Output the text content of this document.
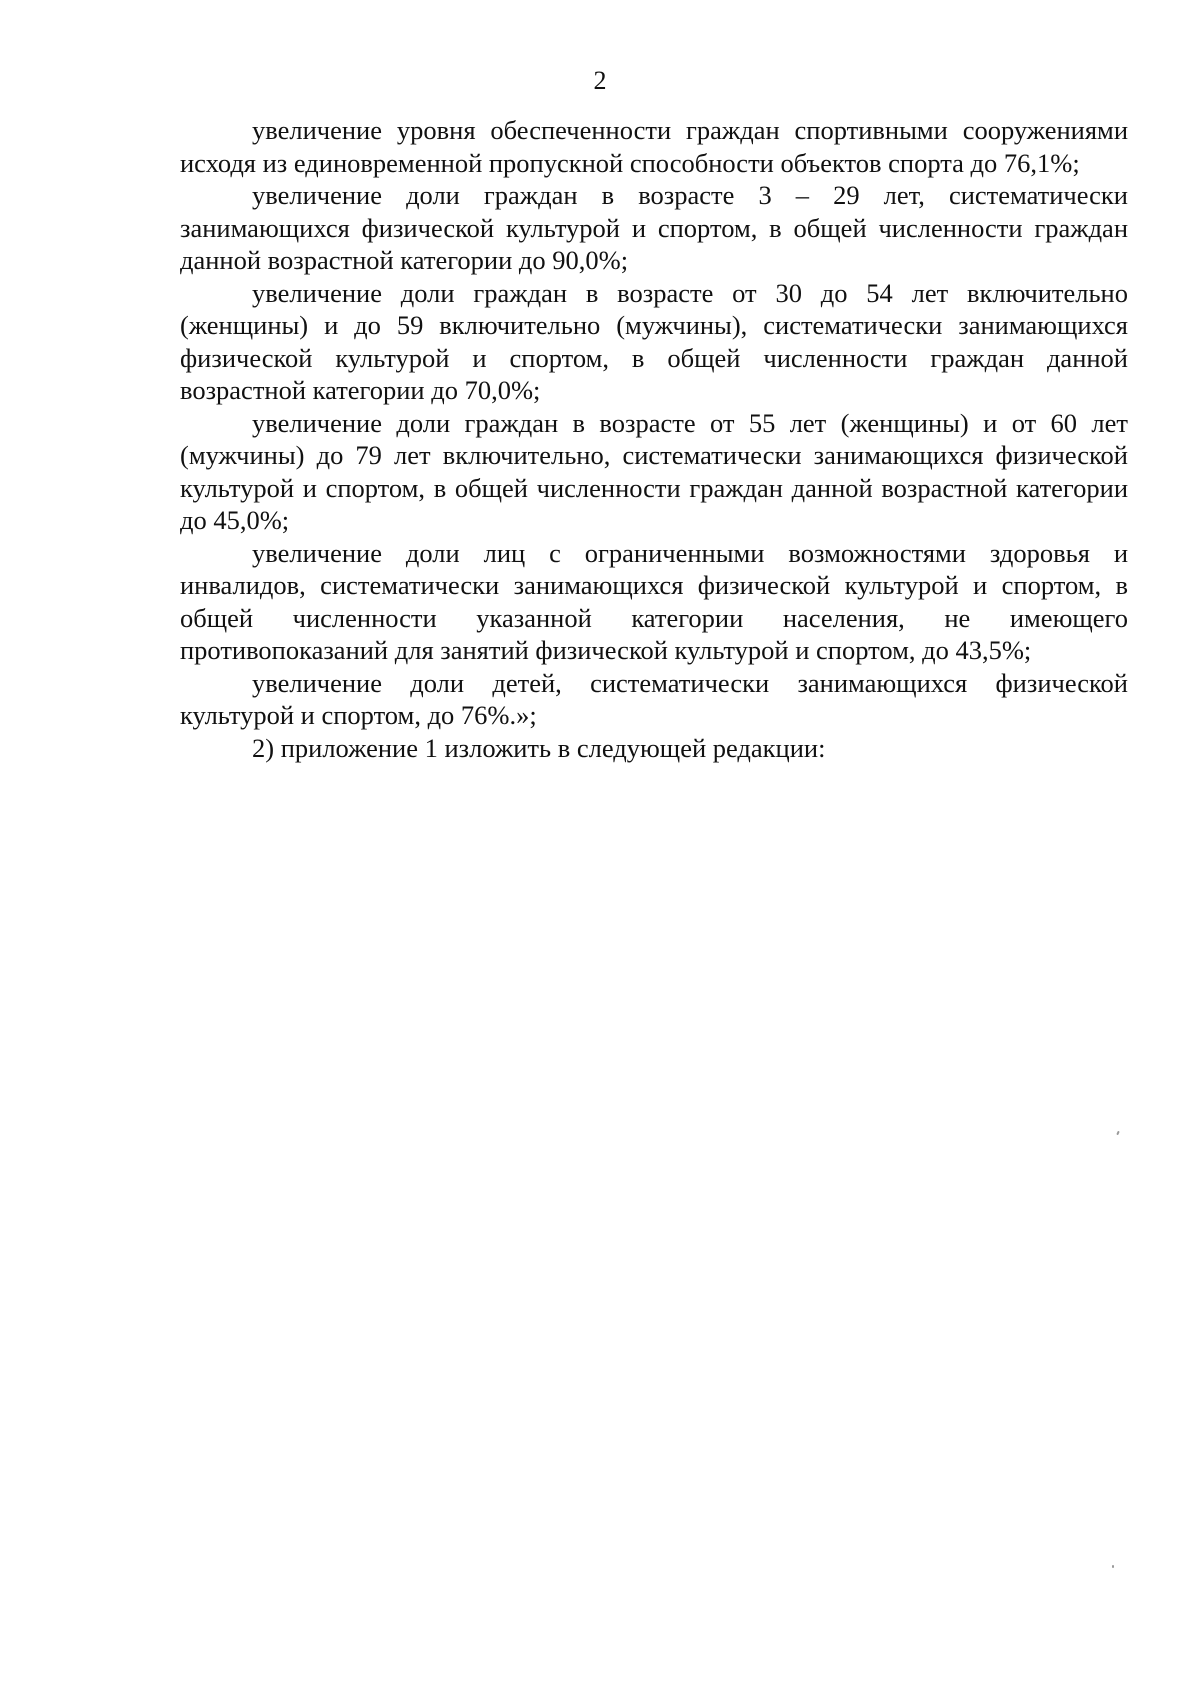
2

увеличение уровня обеспеченности граждан спортивными сооружениями исходя из единовременной пропускной способности объектов спорта до 76,1%;

увеличение доли граждан в возрасте 3 – 29 лет, систематически занимающихся физической культурой и спортом, в общей численности граждан данной возрастной категории до 90,0%;

увеличение доли граждан в возрасте от 30 до 54 лет включительно (женщины) и до 59 включительно (мужчины), систематически занимающихся физической культурой и спортом, в общей численности граждан данной возрастной категории до 70,0%;

увеличение доли граждан в возрасте от 55 лет (женщины) и от 60 лет (мужчины) до 79 лет включительно, систематически занимающихся физической культурой и спортом, в общей численности граждан данной возрастной категории до 45,0%;

увеличение доли лиц с ограниченными возможностями здоровья и инвалидов, систематически занимающихся физической культурой и спортом, в общей численности указанной категории населения, не имеющего противопоказаний для занятий физической культурой и спортом, до 43,5%;

увеличение доли детей, систематически занимающихся физической культурой и спортом, до 76%.»;

2) приложение 1 изложить в следующей редакции:
